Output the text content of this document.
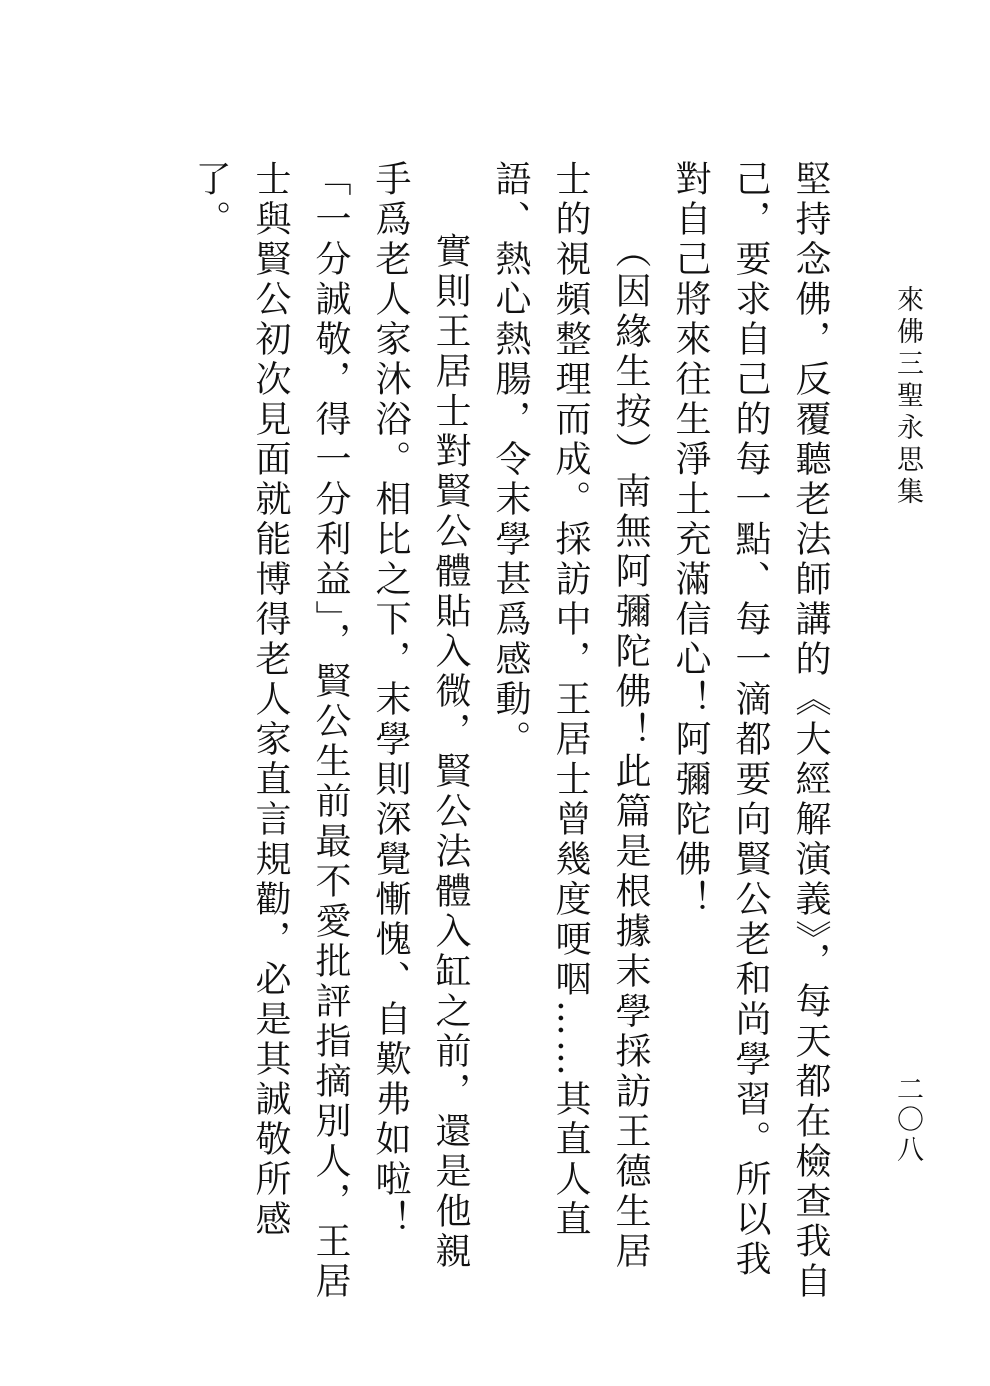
來佛三聖永思集
二〇八

堅持念佛，反覆聽老法師講的《大經解演義》，每天都在檢查我自己，要求自己的每一點、每一滴都要向賢公老和尚學習。所以我對自己將來往生淨土充滿信心！阿彌陀佛！

（因緣生按）南無阿彌陀佛！此篇是根據末學採訪王德生居士的視頻整理而成。採訪中，王居士曾幾度哽咽……其直人直語、熱心熱腸，令末學甚爲感動。

實則王居士對賢公體貼入微，賢公法體入缸之前，還是他親手爲老人家沐浴。相比之下，末學則深覺慚愧、自歎弗如啦！「一分誠敬，得一分利益」，賢公生前最不愛批評指摘別人，王居士與賢公初次見面就能博得老人家直言規勸，必是其誠敬所感了。
